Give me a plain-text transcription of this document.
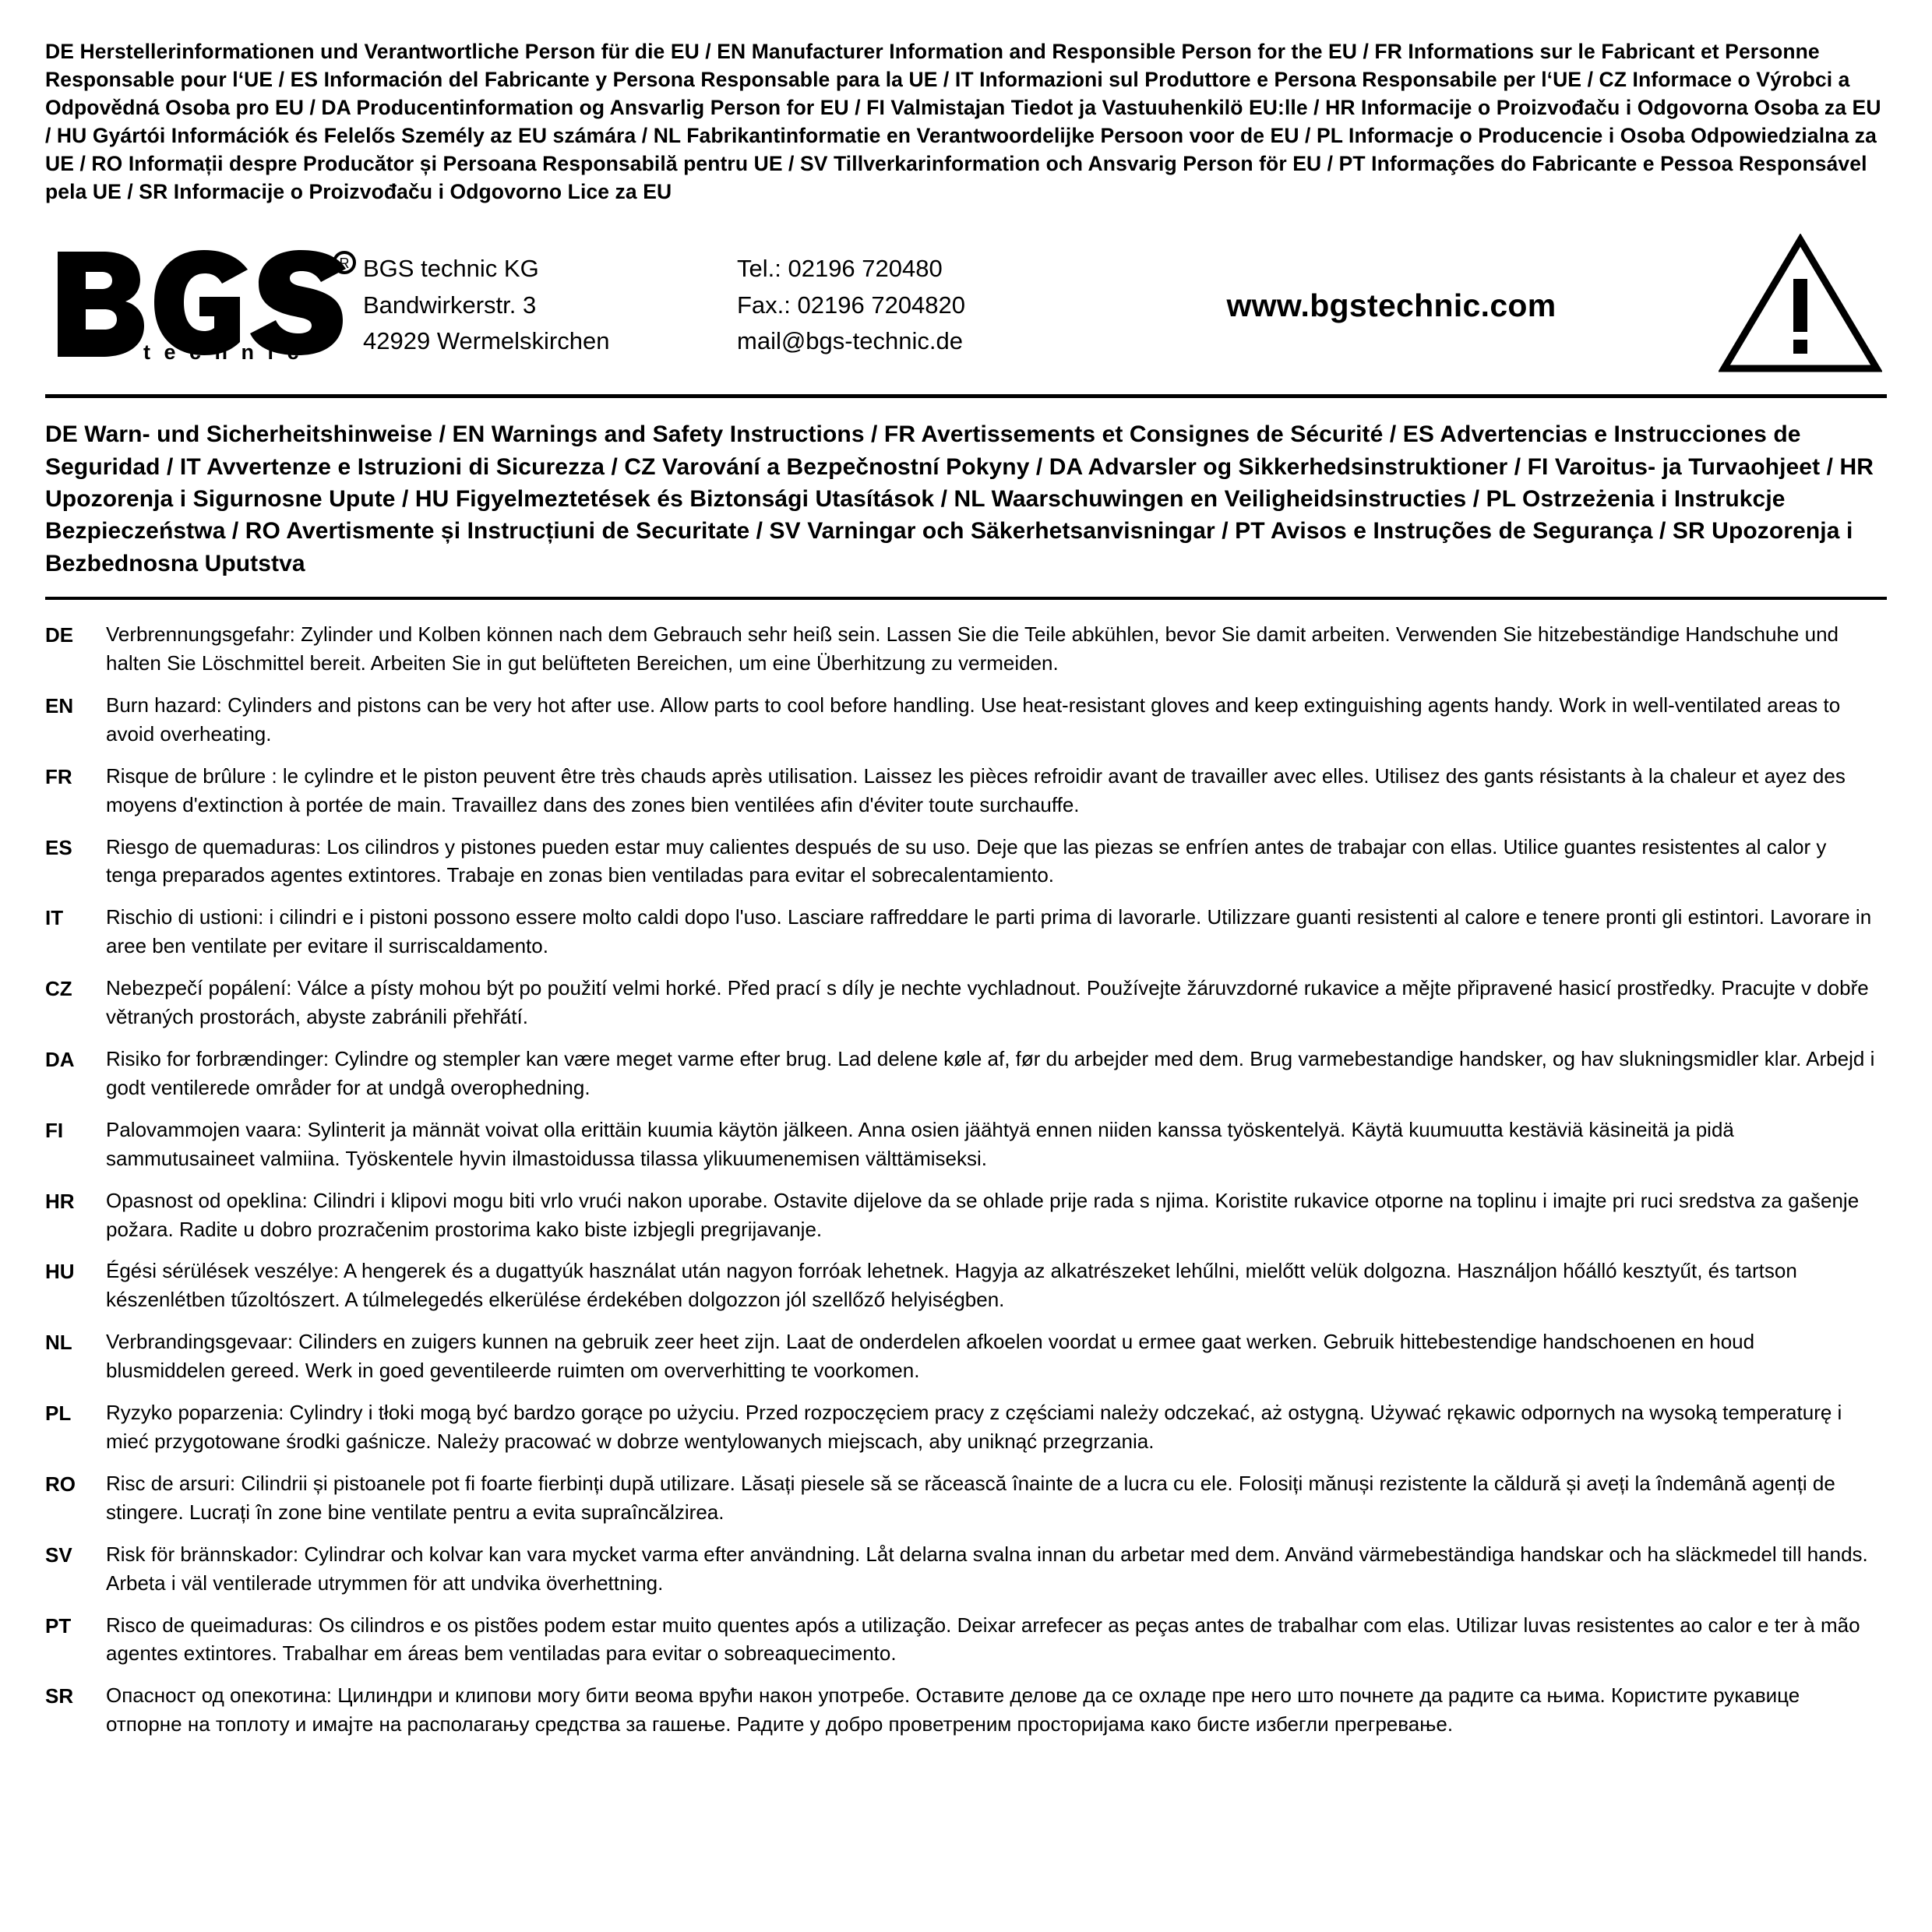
DE Herstellerinformationen und Verantwortliche Person für die EU / EN Manufacturer Information and Responsible Person for the EU / FR Informations sur le Fabricant et Personne Responsable pour l‘UE / ES Información del Fabricante y Persona Responsable para la UE / IT Informazioni sul Produttore e Persona Responsabile per l‘UE / CZ Informace o Výrobci a Odpovědná Osoba pro EU / DA Producentinformation og Ansvarlig Person for EU / FI Valmistajan Tiedot ja Vastuuhenkilö EU:lle / HR Informacije o Proizvođaču i Odgovorna Osoba za EU / HU Gyártói Információk és Felelős Személy az EU számára / NL Fabrikantinformatie en Verantwoordelijke Persoon voor de EU / PL Informacje o Producencie i Osoba Odpowiedzialna za UE / RO Informații despre Producător și Persoana Responsabilă pentru UE / SV Tillverkarinformation och Ansvarig Person för EU / PT Informações do Fabricante e Pessoa Responsável pela UE / SR Informacije o Proizvođaču i Odgovorno Lice za EU
R
t e c h n i c
BGS technic KG
Bandwirkerstr. 3
42929 Wermelskirchen
Tel.: 02196 720480
Fax.: 02196 7204820
mail@bgs-technic.de
www.bgstechnic.com
DE Warn- und Sicherheitshinweise / EN Warnings and Safety Instructions / FR Avertissements et Consignes de Sécurité / ES Advertencias e Instrucciones de Seguridad / IT Avvertenze e Istruzioni di Sicurezza / CZ Varování a Bezpečnostní Pokyny / DA Advarsler og Sikkerhedsinstruktioner / FI Varoitus- ja Turvaohjeet / HR Upozorenja i Sigurnosne Upute / HU Figyelmeztetések és Biztonsági Utasítások / NL Waarschuwingen en Veiligheidsinstructies / PL Ostrzeżenia i Instrukcje Bezpieczeństwa / RO Avertismente și Instrucțiuni de Securitate / SV Varningar och Säkerhetsanvisningar / PT Avisos e Instruções de Segurança / SR Upozorenja i Bezbednosna Uputstva
DE	Verbrennungsgefahr: Zylinder und Kolben können nach dem Gebrauch sehr heiß sein. Lassen Sie die Teile abkühlen, bevor Sie damit arbeiten. Verwenden Sie hitzebeständige Handschuhe und halten Sie Löschmittel bereit. Arbeiten Sie in gut belüfteten Bereichen, um eine Überhitzung zu vermeiden.
EN	Burn hazard: Cylinders and pistons can be very hot after use. Allow parts to cool before handling. Use heat-resistant gloves and keep extinguishing agents handy. Work in well-ventilated areas to avoid overheating.
FR	Risque de brûlure : le cylindre et le piston peuvent être très chauds après utilisation. Laissez les pièces refroidir avant de travailler avec elles. Utilisez des gants résistants à la chaleur et ayez des moyens d'extinction à portée de main. Travaillez dans des zones bien ventilées afin d'éviter toute surchauffe.
ES	Riesgo de quemaduras: Los cilindros y pistones pueden estar muy calientes después de su uso. Deje que las piezas se enfríen antes de trabajar con ellas. Utilice guantes resistentes al calor y tenga preparados agentes extintores. Trabaje en zonas bien ventiladas para evitar el sobrecalentamiento.
IT	Rischio di ustioni: i cilindri e i pistoni possono essere molto caldi dopo l'uso. Lasciare raffreddare le parti prima di lavorarle. Utilizzare guanti resistenti al calore e tenere pronti gli estintori. Lavorare in aree ben ventilate per evitare il surriscaldamento.
CZ	Nebezpečí popálení: Válce a písty mohou být po použití velmi horké. Před prací s díly je nechte vychladnout. Používejte žáruvzdorné rukavice a mějte připravené hasicí prostředky. Pracujte v dobře větraných prostorách, abyste zabránili přehřátí.
DA	Risiko for forbrændinger: Cylindre og stempler kan være meget varme efter brug. Lad delene køle af, før du arbejder med dem. Brug varmebestandige handsker, og hav slukningsmidler klar. Arbejd i godt ventilerede områder for at undgå overophedning.
FI	Palovammojen vaara: Sylinterit ja männät voivat olla erittäin kuumia käytön jälkeen. Anna osien jäähtyä ennen niiden kanssa työskentelyä. Käytä kuumuutta kestäviä käsineitä ja pidä sammutusaineet valmiina. Työskentele hyvin ilmastoidussa tilassa ylikuumenemisen välttämiseksi.
HR	Opasnost od opeklina: Cilindri i klipovi mogu biti vrlo vrući nakon uporabe. Ostavite dijelove da se ohlade prije rada s njima. Koristite rukavice otporne na toplinu i imajte pri ruci sredstva za gašenje požara. Radite u dobro prozračenim prostorima kako biste izbjegli pregrijavanje.
HU	Égési sérülések veszélye: A hengerek és a dugattyúk használat után nagyon forróak lehetnek. Hagyja az alkatrészeket lehűlni, mielőtt velük dolgozna. Használjon hőálló kesztyűt, és tartson készenlétben tűzoltószert. A túlmelegedés elkerülése érdekében dolgozzon jól szellőző helyiségben.
NL	Verbrandingsgevaar: Cilinders en zuigers kunnen na gebruik zeer heet zijn. Laat de onderdelen afkoelen voordat u ermee gaat werken. Gebruik hittebestendige handschoenen en houd blusmiddelen gereed. Werk in goed geventileerde ruimten om oververhitting te voorkomen.
PL	Ryzyko poparzenia: Cylindry i tłoki mogą być bardzo gorące po użyciu. Przed rozpoczęciem pracy z częściami należy odczekać, aż ostygną. Używać rękawic odpornych na wysoką temperaturę i mieć przygotowane środki gaśnicze. Należy pracować w dobrze wentylowanych miejscach, aby uniknąć przegrzania.
RO	Risc de arsuri: Cilindrii și pistoanele pot fi foarte fierbinți după utilizare. Lăsați piesele să se răcească înainte de a lucra cu ele. Folosiți mănuși rezistente la căldură și aveți la îndemână agenți de stingere. Lucrați în zone bine ventilate pentru a evita supraîncălzirea.
SV	Risk för brännskador: Cylindrar och kolvar kan vara mycket varma efter användning. Låt delarna svalna innan du arbetar med dem. Använd värmebeständiga handskar och ha släckmedel till hands. Arbeta i väl ventilerade utrymmen för att undvika överhettning.
PT	Risco de queimaduras: Os cilindros e os pistões podem estar muito quentes após a utilização. Deixar arrefecer as peças antes de trabalhar com elas. Utilizar luvas resistentes ao calor e ter à mão agentes extintores. Trabalhar em áreas bem ventiladas para evitar o sobreaquecimento.
SR	Опасност од опекотина: Цилиндри и клипови могу бити веома врући након употребе. Оставите делове да се охладе пре него што почнете да радите са њима. Користите рукавице отпорне на топлоту и имајте на располагању средства за гашење. Радите у добро проветреним просторијама како бисте избегли прегревање.
